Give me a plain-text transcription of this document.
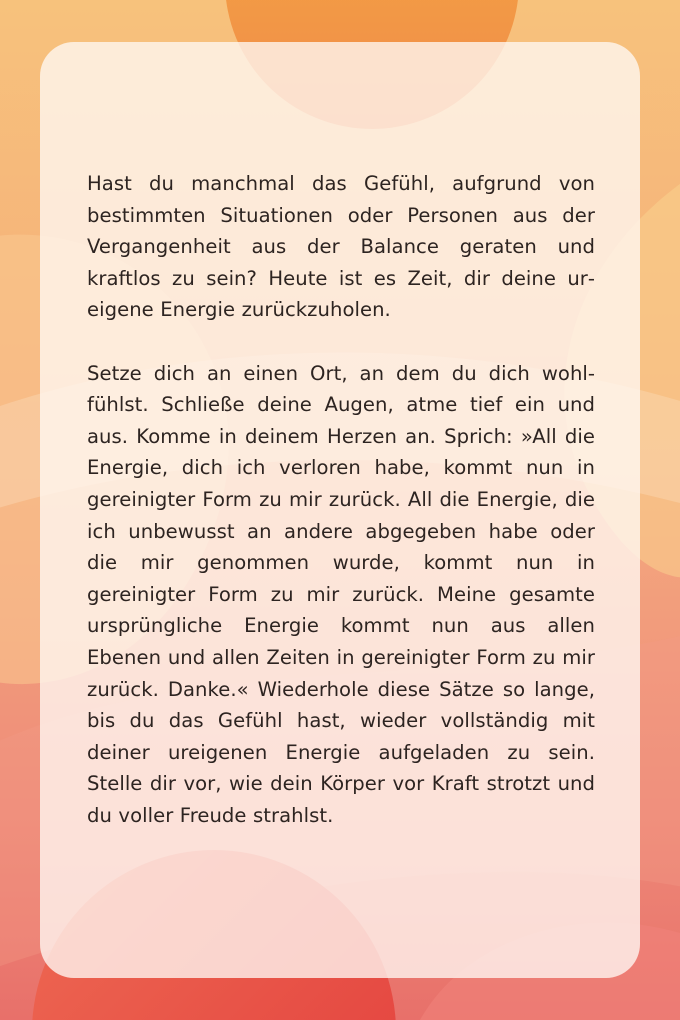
Hast du manchmal das Gefühl, aufgrund von bestimmten Situationen oder Personen aus der Vergangenheit aus der Balance geraten und kraftlos zu sein? Heute ist es Zeit, dir deine ureigene Energie zurückzuholen.

Setze dich an einen Ort, an dem du dich wohlfühlst. Schließe deine Augen, atme tief ein und aus. Komme in deinem Herzen an. Sprich: »All die Energie, dich ich verloren habe, kommt nun in gereinigter Form zu mir zurück. All die Energie, die ich unbewusst an andere abgegeben habe oder die mir genommen wurde, kommt nun in gereinigter Form zu mir zurück. Meine gesamte ursprüngliche Energie kommt nun aus allen Ebenen und allen Zeiten in gereinigter Form zu mir zurück. Danke.« Wiederhole diese Sätze so lange, bis du das Gefühl hast, wieder vollständig mit deiner ureigenen Energie aufgeladen zu sein. Stelle dir vor, wie dein Körper vor Kraft strotzt und du voller Freude strahlst.
